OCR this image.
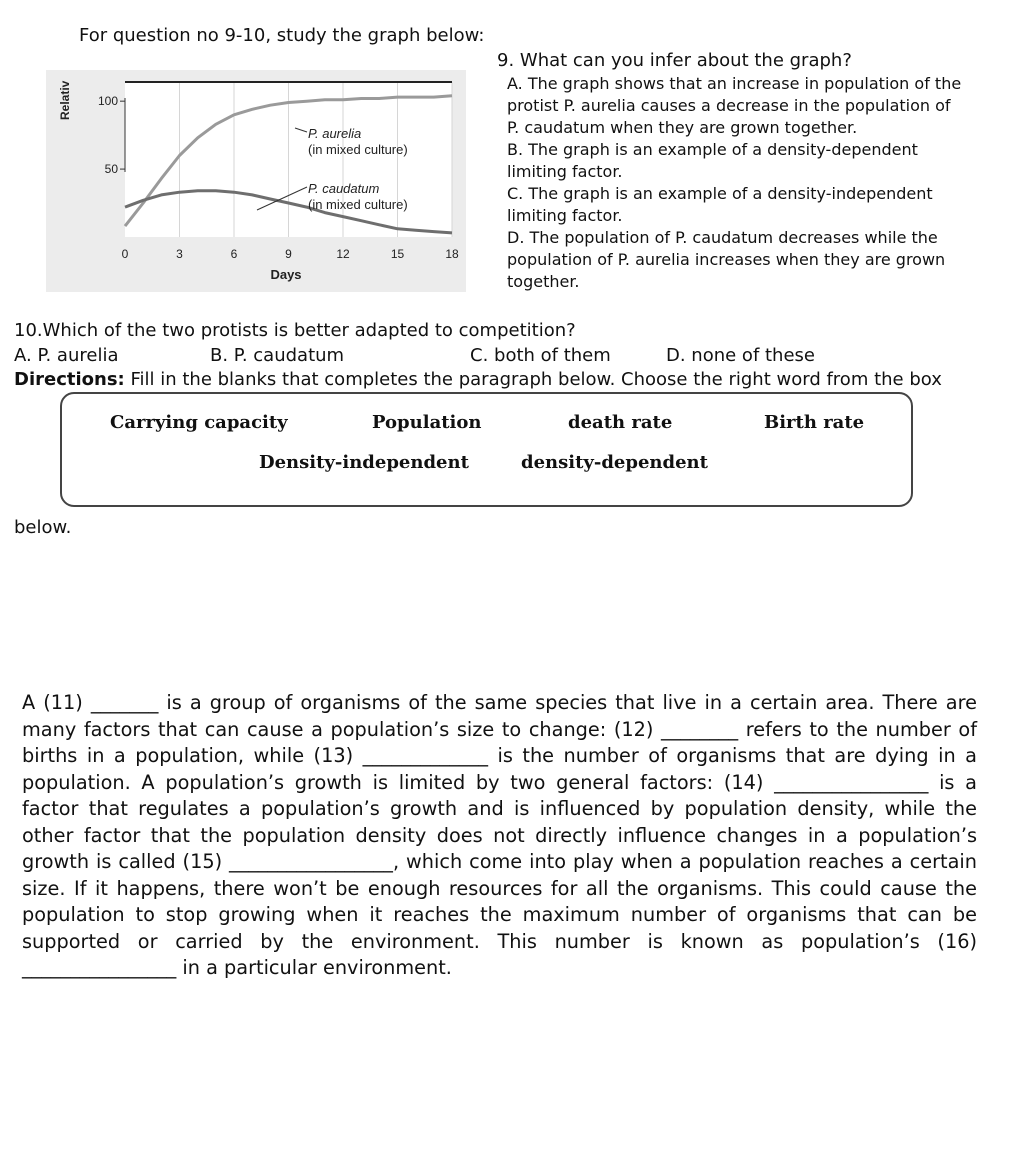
For question no 9-10, study the graph below:
100
50
Relativ
0	3	6	9	12	15	18
Days
P. aurelia
(in mixed culture)
P. caudatum
(in mixed culture)
9. What can you infer about the graph?
A. The graph shows that an increase in population of the
protist P. aurelia causes a decrease in the population of
P. caudatum when they are grown together.
B. The graph is an example of a density-dependent
limiting factor.
C. The graph is an example of a density-independent
limiting factor.
D. The population of P. caudatum decreases while the
population of P. aurelia increases when they are grown
together.
10.Which of the two protists is better adapted to competition?
A. P. aurelia	B. P. caudatum	C. both of them	D. none of these
Directions: Fill in the blanks that completes the paragraph below. Choose the right word from the box
Carrying capacity	Population	death rate	Birth rate
Density-independent	density-dependent
below.
A (11) _______ is a group of organisms of the same species that live in a certain area. There are many factors that can cause a population’s size to change: (12) ________ refers to the number of births in a population, while (13) _____________ is the number of organisms that are dying in a population. A population’s growth is limited by two general factors: (14) ________________ is a factor that regulates a population’s growth and is influenced by population density, while the other factor that the population density does not directly influence changes in a population’s growth is called (15) _________________, which come into play when a population reaches a certain size. If it happens, there won’t be enough resources for all the organisms. This could cause the population to stop growing when it reaches the maximum number of organisms that can be supported or carried by the environment. This number is known as population’s (16) ________________ in a particular environment.
